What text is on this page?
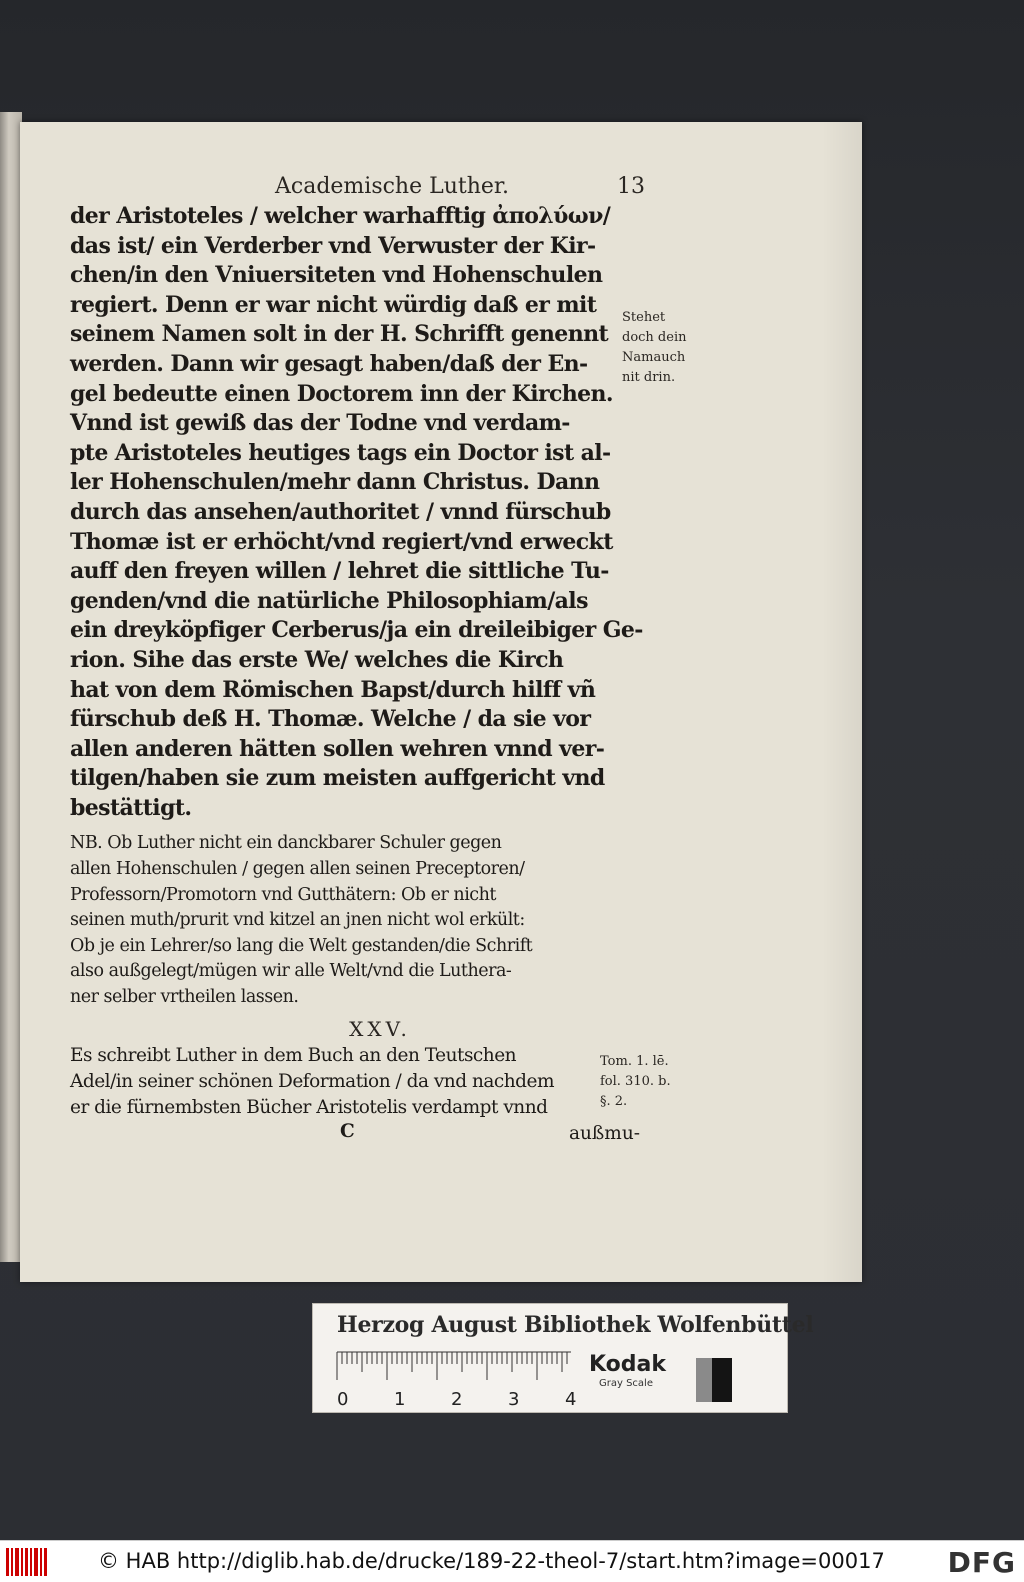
Academische Luther.	13
der Aristoteles / welcher warhafftig ἀπολύων/
das ist/ ein Verderber vnd Verwuster der Kir-
chen/in den Vniuersiteten vnd Hohenschulen
regiert. Denn er war nicht würdig daß er mit
seinem Namen solt in der H. Schrifft genennt
werden. Dann wir gesagt haben/daß der En-
gel bedeutte einen Doctorem inn der Kirchen.
Vnnd ist gewiß das der Todne vnd verdam-
pte Aristoteles heutiges tags ein Doctor ist al-
ler Hohenschulen/mehr dann Christus. Dann
durch das ansehen/authoritet / vnnd fürschub
Thomæ ist er erhöcht/vnd regiert/vnd erweckt
auff den freyen willen / lehret die sittliche Tu-
genden/vnd die natürliche Philosophiam/als
ein dreyköpfiger Cerberus/ja ein dreileibiger Ge-
rion. Sihe das erste We/ welches die Kirch
hat von dem Römischen Bapst/durch hilff vñ
fürschub deß H. Thomæ. Welche / da sie vor
allen anderen hätten sollen wehren vnnd ver-
tilgen/haben sie zum meisten auffgericht vnd
bestättigt.
NB. Ob Luther nicht ein danckbarer Schuler gegen
allen Hohenschulen / gegen allen seinen Preceptoren/
Professorn/Promotorn vnd Gutthätern: Ob er nicht
seinen muth/prurit vnd kitzel an jnen nicht wol erkült:
Ob je ein Lehrer/so lang die Welt gestanden/die Schrift
also außgelegt/mügen wir alle Welt/vnd die Luthera-
ner selber vrtheilen lassen.
XXV.
Es schreibt Luther in dem Buch an den Teutschen
Adel/in seiner schönen Deformation / da vnd nachdem
er die fürnembsten Bücher Aristotelis verdampt vnnd
C	außmu-
Stehet
doch dein
Namauch
nit drin.
Tom. 1. lē.
fol. 310. b.
§. 2.
Herzog August Bibliothek Wolfenbüttel
0	1	2	3	4
Kodak
Gray Scale
© HAB http://diglib.hab.de/drucke/189-22-theol-7/start.htm?image=00017 DFG
